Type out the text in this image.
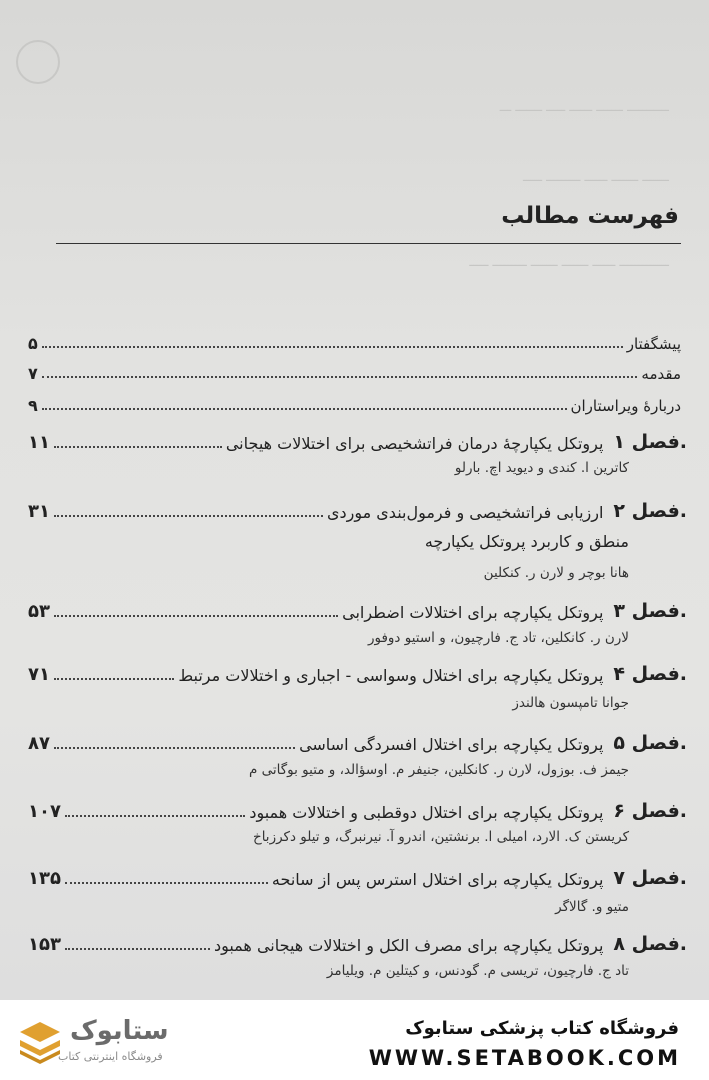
ـــــــــــ ـــــــ ــــــ ـــــ ـــــــ ـــ
ـــــــ ـــــــ ــــــ ـــــــــ ـــــ
ـــــــــــــ ــــــ ـــــــ ـــــــ ـــــــــ ـــــ
فهرست مطالب
پیشگفتار
۵
مقدمه
۷
دربارهٔ ویراستاران
۹
فصل ۱.
پروتکل یکپارچهٔ درمان فراتشخیصی برای اختلالات هیجانی
۱۱
کاترین ا. کندی و دیوید اچ. بارلو
فصل ۲.
ارزیابی فراتشخیصی و فرمول‌بندی موردی
۳۱
منطق و کاربرد پروتکل یکپارچه
هانا بوچر و لارن ر. کنکلین
فصل ۳.
پروتکل یکپارچه برای اختلالات اضطرابی
۵۳
لارن ر. کانکلین، تاد ج. فارچیون، و استیو دوفور
فصل ۴.
پروتکل یکپارچه برای اختلال وسواسی - اجباری و اختلالات مرتبط
۷۱
جوانا تامپسون هالندز
فصل ۵.
پروتکل یکپارچه برای اختلال افسردگی اساسی
۸۷
جیمز ف. بوزول، لارن ر. کانکلین، جنیفر م. اوسؤالد، و متیو بوگاتی م
فصل ۶.
پروتکل یکپارچه برای اختلال دوقطبی و اختلالات همبود
۱۰۷
کریستن ک. الارد، امیلی ا. برنشتین، اندرو آ. نیرنبرگ، و تیلو دکرزباخ
فصل ۷.
پروتکل یکپارچه برای اختلال استرس پس از سانحه
۱۳۵
متیو و. گالاگر
فصل ۸.
پروتکل یکپارچه برای مصرف الکل و اختلالات هیجانی همبود
۱۵۳
تاد ج. فارچیون، تریسی م. گودنس، و کیتلین م. ویلیامز
ستابوک
فروشگاه اینترنتی کتاب
فروشگاه کتاب پزشکی ستابوک
WWW.SETABOOK.COM
